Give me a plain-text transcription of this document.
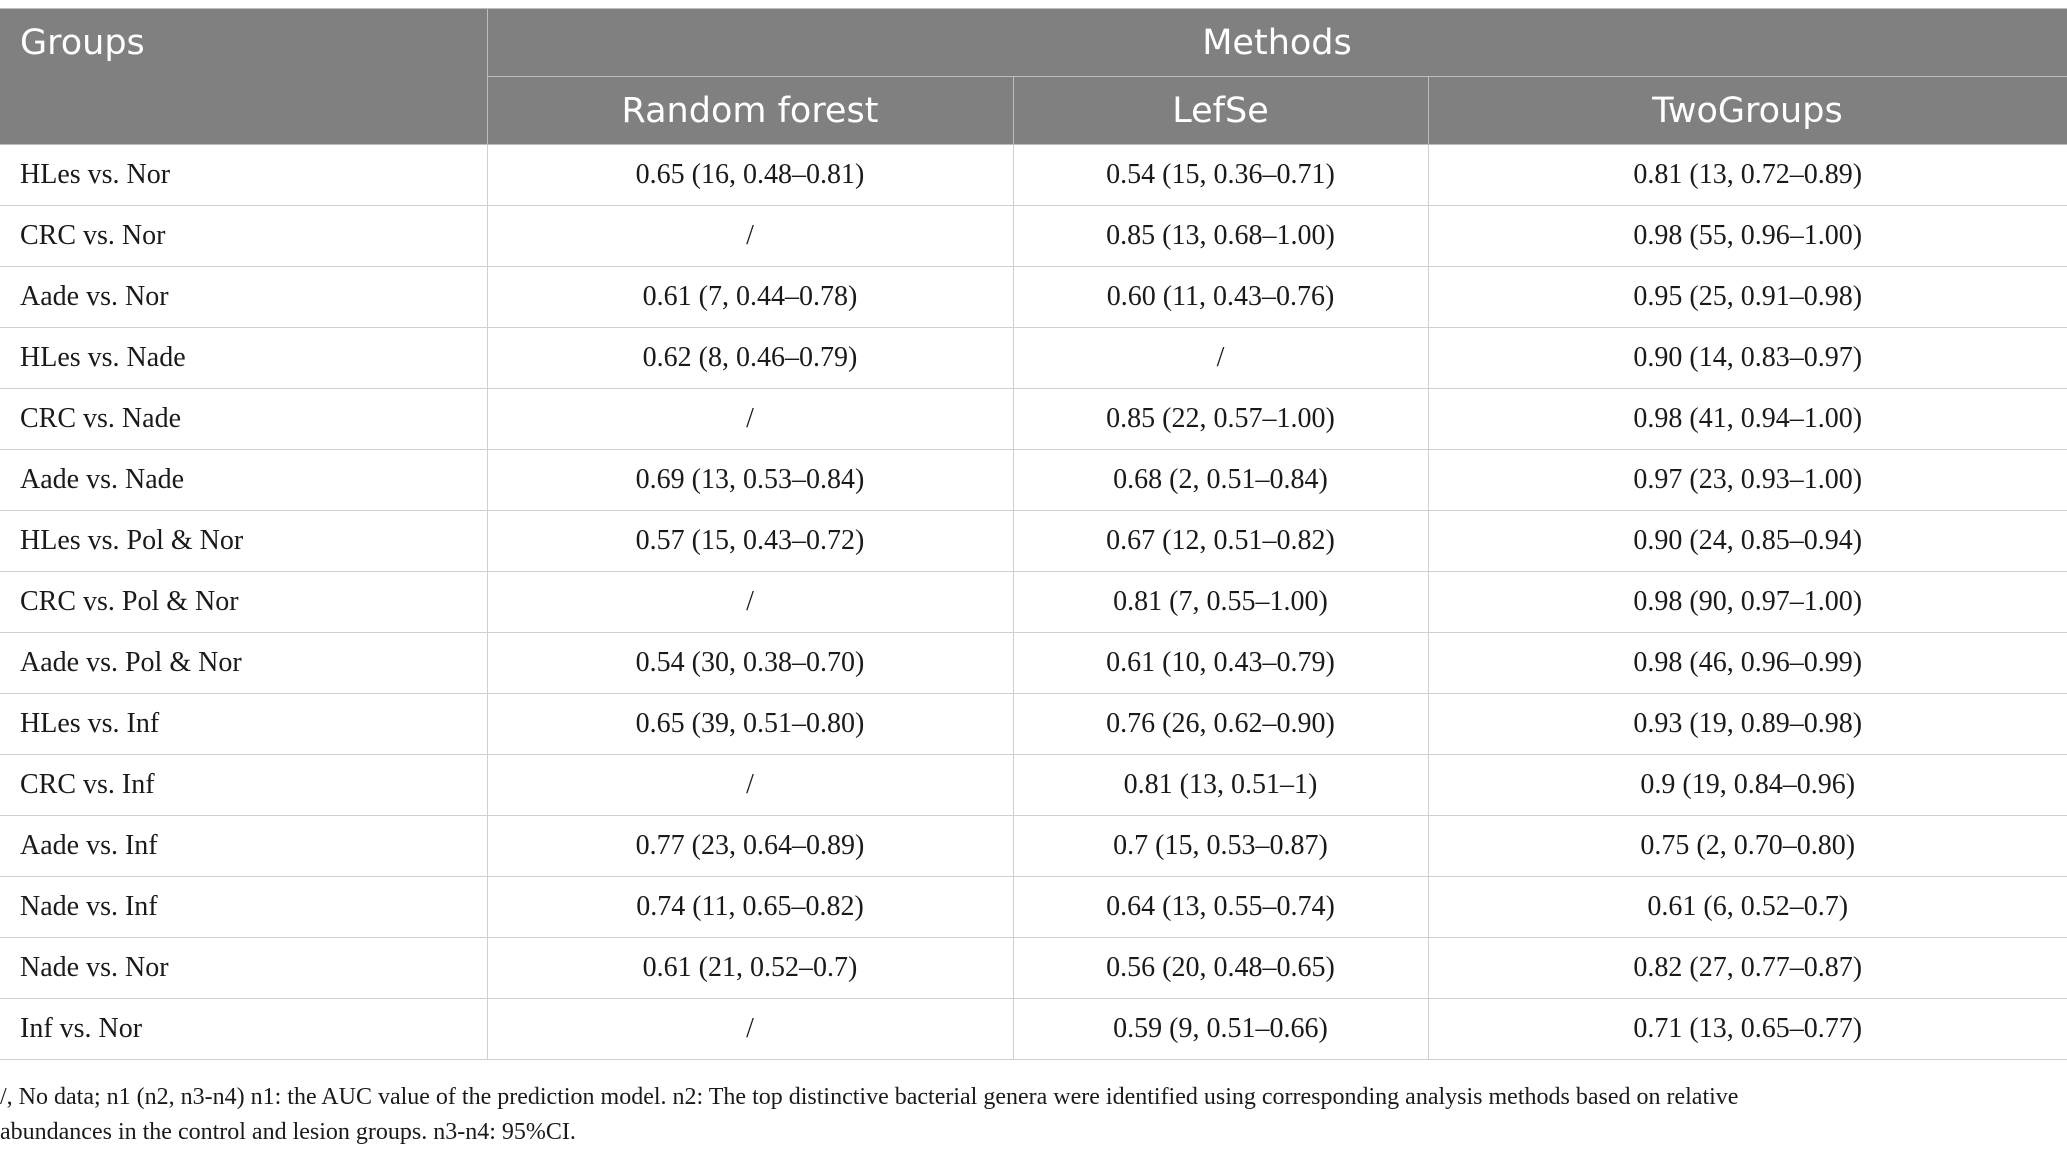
Groups	Methods		
	Random forest	LefSe	TwoGroups
HLes vs. Nor	0.65 (16, 0.48–0.81)	0.54 (15, 0.36–0.71)	0.81 (13, 0.72–0.89)
CRC vs. Nor	/	0.85 (13, 0.68–1.00)	0.98 (55, 0.96–1.00)
Aade vs. Nor	0.61 (7, 0.44–0.78)	0.60 (11, 0.43–0.76)	0.95 (25, 0.91–0.98)
HLes vs. Nade	0.62 (8, 0.46–0.79)	/	0.90 (14, 0.83–0.97)
CRC vs. Nade	/	0.85 (22, 0.57–1.00)	0.98 (41, 0.94–1.00)
Aade vs. Nade	0.69 (13, 0.53–0.84)	0.68 (2, 0.51–0.84)	0.97 (23, 0.93–1.00)
HLes vs. Pol & Nor	0.57 (15, 0.43–0.72)	0.67 (12, 0.51–0.82)	0.90 (24, 0.85–0.94)
CRC vs. Pol & Nor	/	0.81 (7, 0.55–1.00)	0.98 (90, 0.97–1.00)
Aade vs. Pol & Nor	0.54 (30, 0.38–0.70)	0.61 (10, 0.43–0.79)	0.98 (46, 0.96–0.99)
HLes vs. Inf	0.65 (39, 0.51–0.80)	0.76 (26, 0.62–0.90)	0.93 (19, 0.89–0.98)
CRC vs. Inf	/	0.81 (13, 0.51–1)	0.9 (19, 0.84–0.96)
Aade vs. Inf	0.77 (23, 0.64–0.89)	0.7 (15, 0.53–0.87)	0.75 (2, 0.70–0.80)
Nade vs. Inf	0.74 (11, 0.65–0.82)	0.64 (13, 0.55–0.74)	0.61 (6, 0.52–0.7)
Nade vs. Nor	0.61 (21, 0.52–0.7)	0.56 (20, 0.48–0.65)	0.82 (27, 0.77–0.87)
Inf vs. Nor	/	0.59 (9, 0.51–0.66)	0.71 (13, 0.65–0.77)
/, No data; n1 (n2, n3-n4) n1: the AUC value of the prediction model. n2: The top distinctive bacterial genera were identified using corresponding analysis methods based on relative
abundances in the control and lesion groups. n3-n4: 95%CI.
